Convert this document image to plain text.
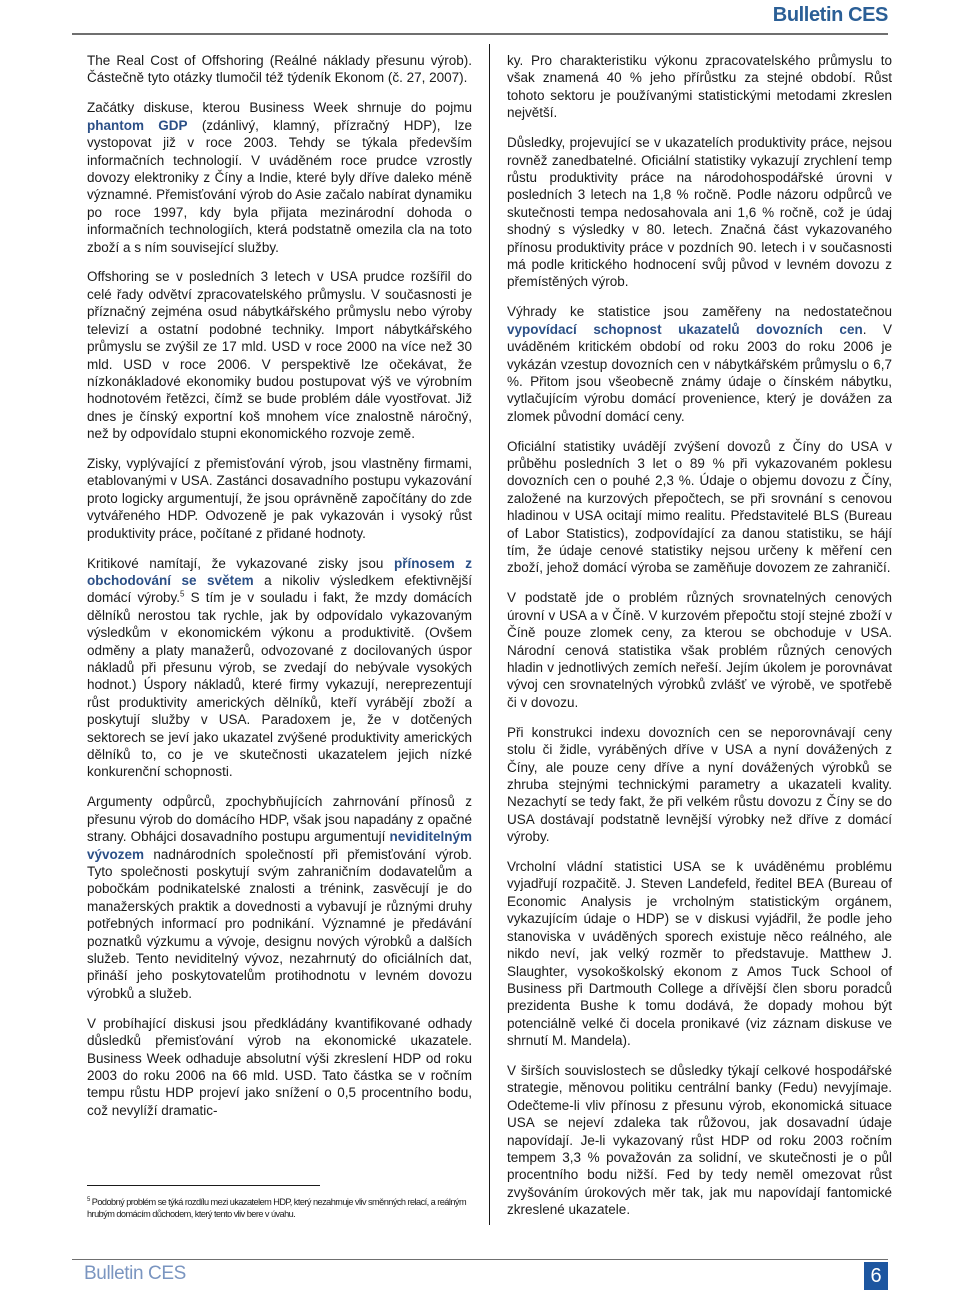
Bulletin CES

The Real Cost of Offshoring (Reálné náklady přesunu výrob). Částečně tyto otázky tlumočil též týdeník Ekonom (č. 27, 2007).

Začátky diskuse, kterou Business Week shrnuje do pojmu phantom GDP (zdánlivý, klamný, přízračný HDP), lze vystopovat již v roce 2003. Tehdy se týkala především informačních technologií. V uváděném roce prudce vzrostly dovozy elektroniky z Číny a Indie, které byly dříve daleko méně významné. Přemisťování výrob do Asie začalo nabírat dynamiku po roce 1997, kdy byla přijata mezinárodní dohoda o informačních technologiích, která podstatně omezila cla na toto zboží a s ním související služby.

Offshoring se v posledních 3 letech v USA prudce rozšířil do celé řady odvětví zpracovatelského průmyslu. V současnosti je příznačný zejména osud nábytkářského průmyslu nebo výroby televizí a ostatní podobné techniky. Import nábytkářského průmyslu se zvýšil ze 17 mld. USD v roce 2000 na více než 30 mld. USD v roce 2006. V perspektivě lze očekávat, že nízkonákladové ekonomiky budou postupovat výš ve výrobním hodnotovém řetězci, čímž se bude problém dále vyostřovat. Již dnes je čínský exportní koš mnohem více znalostně náročný, než by odpovídalo stupni ekonomického rozvoje země.

Zisky, vyplývající z přemisťování výrob, jsou vlastněny firmami, etablovanými v USA. Zastánci dosavadního postupu vykazování proto logicky argumentují, že jsou oprávněně započítány do zde vytvářeného HDP. Odvozeně je pak vykazován i vysoký růst produktivity práce, počítané z přidané hodnoty.

Kritikové namítají, že vykazované zisky jsou přínosem z obchodování se světem a nikoliv výsledkem efektivnější domácí výroby.$^5$ S tím je v souladu i fakt, že mzdy domácích dělníků nerostou tak rychle, jak by odpovídalo vykazovaným výsledkům v ekonomickém výkonu a produktivitě. (Ovšem odměny a platy manažerů, odvozované z docilovaných úspor nákladů při přesunu výrob, se zvedají do nebývale vysokých hodnot.) Úspory nákladů, které firmy vykazují, nereprezentují růst produktivity amerických dělníků, kteří vyrábějí zboží a poskytují služby v USA. Paradoxem je, že v dotčených sektorech se jeví jako ukazatel zvýšené produktivity amerických dělníků to, co je ve skutečnosti ukazatelem jejich nízké konkurenční schopnosti.

Argumenty odpůrců, zpochybňujících zahrnování přínosů z přesunu výrob do domácího HDP, však jsou napadány z opačné strany. Obhájci dosavadního postupu argumentují neviditelným vývozem nadnárodních společností při přemisťování výrob. Tyto společnosti poskytují svým zahraničním dodavatelům a pobočkám podnikatelské znalosti a trénink, zasvěcují je do manažerských praktik a dovednosti a vybavují je různými druhy potřebných informací pro podnikání. Významné je předávání poznatků výzkumu a vývoje, designu nových výrobků a dalších služeb. Tento neviditelný vývoz, nezahrnutý do oficiálních dat, přináší jeho poskytovatelům protihodnotu v levném dovozu výrobků a služeb.

V probíhající diskusi jsou předkládány kvantifikované odhady důsledků přemisťování výrob na ekonomické ukazatele. Business Week odhaduje absolutní výši zkreslení HDP od roku 2003 do roku 2006 na 66 mld. USD. Tato částka se v ročním tempu růstu HDP projeví jako snížení o 0,5 procentního bodu, což nevylíží dramatic-

ky. Pro charakteristiku výkonu zpracovatelského průmyslu to však znamená 40 % jeho přírůstku za stejné období. Růst tohoto sektoru je používanými statistickými metodami zkreslen největší.

Důsledky, projevující se v ukazatelích produktivity práce, nejsou rovněž zanedbatelné. Oficiální statistiky vykazují zrychlení temp růstu produktivity práce na národohospodářské úrovni v posledních 3 letech na 1,8 % ročně. Podle názoru odpůrců ve skutečnosti tempa nedosahovala ani 1,6 % ročně, což je údaj shodný s výsledky v 80. letech. Značná část vykazovaného přínosu produktivity práce v pozdních 90. letech i v současnosti má podle kritického hodnocení svůj původ v levném dovozu z přemístěných výrob.

Výhrady ke statistice jsou zaměřeny na nedostatečnou vypovídací schopnost ukazatelů dovozních cen. V uváděném kritickém období od roku 2003 do roku 2006 je vykázán vzestup dovozních cen v nábytkářském průmyslu o 6,7 %. Přitom jsou všeobecně známy údaje o čínském nábytku, vytlačujícím výrobu domácí provenience, který je dovážen za zlomek původní domácí ceny.

Oficiální statistiky uvádějí zvýšení dovozů z Číny do USA v průběhu posledních 3 let o 89 % při vykazovaném poklesu dovozních cen o pouhé 2,3 %. Údaje o objemu dovozu z Číny, založené na kurzových přepočtech, se při srovnání s cenovou hladinou v USA ocitají mimo realitu. Představitelé BLS (Bureau of Labor Statistics), zodpovídající za danou statistiku, se hájí tím, že údaje cenové statistiky nejsou určeny k měření cen zboží, jehož domácí výroba se zaměňuje dovozem ze zahraničí.

V podstatě jde o problém různých srovnatelných cenových úrovní v USA a v Číně. V kurzovém přepočtu stojí stejné zboží v Číně pouze zlomek ceny, za kterou se obchoduje v USA. Národní cenová statistika však problém různých cenových hladin v jednotlivých zemích neřeší. Jejím úkolem je porovnávat vývoj cen srovnatelných výrobků zvlášť ve výrobě, ve spotřebě či v dovozu.

Při konstrukci indexu dovozních cen se neporovnávají ceny stolu či židle, vyráběných dříve v USA a nyní dovážených z Číny, ale pouze ceny dříve a nyní dovážených výrobků se zhruba stejnými technickými parametry a ukazateli kvality. Nezachytí se tedy fakt, že při velkém růstu dovozu z Číny se do USA dostávají podstatně levnější výrobky než dříve z domácí výroby.

Vrcholní vládní statistici USA se k uváděnému problému vyjadřují rozpačitě. J. Steven Landefeld, ředitel BEA (Bureau of Economic Analysis je vrcholným statistickým orgánem, vykazujícím údaje o HDP) se v diskusi vyjádřil, že podle jeho stanoviska v uváděných sporech existuje něco reálného, ale nikdo neví, jak velký rozměr to představuje. Matthew J. Slaughter, vysokoškolský ekonom z Amos Tuck School of Business při Dartmouth College a dřívější člen sboru poradců prezidenta Bushe k tomu dodává, že dopady mohou být potenciálně velké či docela pronikavé (viz záznam diskuse ve shrnutí M. Mandela).

V širších souvislostech se důsledky týkají celkové hospodářské strategie, měnovou politiku centrální banky (Fedu) nevyjímaje. Odečteme-li vliv přínosu z přesunu výrob, ekonomická situace USA se nejeví zdaleka tak růžovou, jak dosavadní údaje napovídají. Je-li vykazovaný růst HDP od roku 2003 ročním tempem 3,3 % považován za solidní, ve skutečnosti je o půl procentního bodu nižší. Fed by tedy neměl omezovat růst zvyšováním úrokových měr tak, jak mu napovídají fantomické zkreslené ukazatele.

$^5$ Podobný problém se týká rozdílu mezi ukazatelem HDP, který nezahrnuje vliv směnných relací, a reálným hrubým domácím důchodem, který tento vliv bere v úvahu.
Bulletin CES	6
